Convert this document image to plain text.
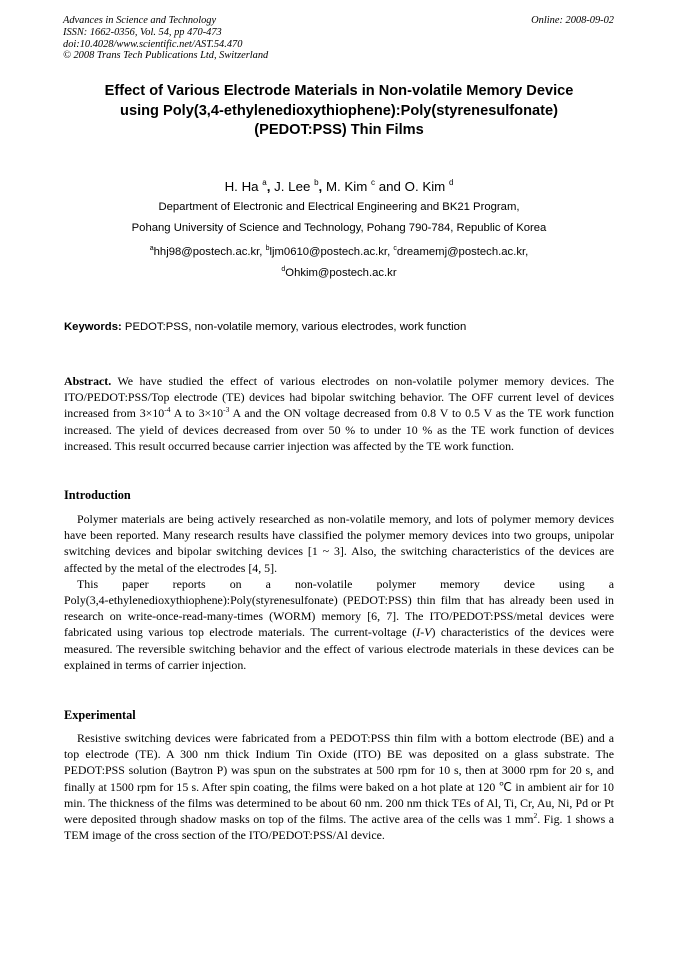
Advances in Science and Technology
ISSN: 1662-0356, Vol. 54, pp 470-473
doi:10.4028/www.scientific.net/AST.54.470
© 2008 Trans Tech Publications Ltd, Switzerland
Online: 2008-09-02
Effect of Various Electrode Materials in Non-volatile Memory Device
using Poly(3,4-ethylenedioxythiophene):Poly(styrenesulfonate)
(PEDOT:PSS) Thin Films
H. Ha $^a$, J. Lee $^b$, M. Kim $^c$ and O. Kim $^d$
Department of Electronic and Electrical Engineering and BK21 Program,
Pohang University of Science and Technology, Pohang 790-784, Republic of Korea
$^a$hhj98@postech.ac.kr, $^b$ljm0610@postech.ac.kr, $^c$dreamemj@postech.ac.kr,
$^d$Ohkim@postech.ac.kr
Keywords: PEDOT:PSS, non-volatile memory, various electrodes, work function

Abstract. We have studied the effect of various electrodes on non-volatile polymer memory devices. The ITO/PEDOT:PSS/Top electrode (TE) devices had bipolar switching behavior. The OFF current level of devices increased from $3\times 10^{-4}$ A to $3\times 10^{-3}$ A and the ON voltage decreased from 0.8 V to 0.5 V as the TE work function increased. The yield of devices decreased from over 50 % to under 10 % as the TE work function of devices increased. This result occurred because carrier injection was affected by the TE work function.

Introduction

Polymer materials are being actively researched as non-volatile memory, and lots of polymer memory devices have been reported. Many research results have classified the polymer memory devices into two groups, unipolar switching devices and bipolar switching devices [1 ~ 3]. Also, the switching characteristics of the devices are affected by the metal of the electrodes [4, 5].

This paper reports on a non-volatile polymer memory device using a

Poly(3,4-ethylenedioxythiophene):Poly(styrenesulfonate) (PEDOT:PSS) thin film that has already been used in research on write-once-read-many-times (WORM) memory [6, 7]. The ITO/PEDOT:PSS/metal devices were fabricated using various top electrode materials. The current-voltage (I-V) characteristics of the devices were measured. The reversible switching behavior and the effect of various electrode materials in these devices can be explained in terms of carrier injection.

Experimental

Resistive switching devices were fabricated from a PEDOT:PSS thin film with a bottom electrode (BE) and a top electrode (TE). A 300 nm thick Indium Tin Oxide (ITO) BE was deposited on a glass substrate. The PEDOT:PSS solution (Baytron P) was spun on the substrates at 500 rpm for 10 s, then at 3000 rpm for 20 s, and finally at 1500 rpm for 15 s. After spin coating, the films were baked on a hot plate at 120 ℃ in ambient air for 10 min. The thickness of the films was determined to be about 60 nm. 200 nm thick TEs of Al, Ti, Cr, Au, Ni, Pd or Pt were deposited through shadow masks on top of the films. The active area of the cells was 1 $mm^2$. Fig. 1 shows a TEM image of the cross section of the ITO/PEDOT:PSS/Al device.
